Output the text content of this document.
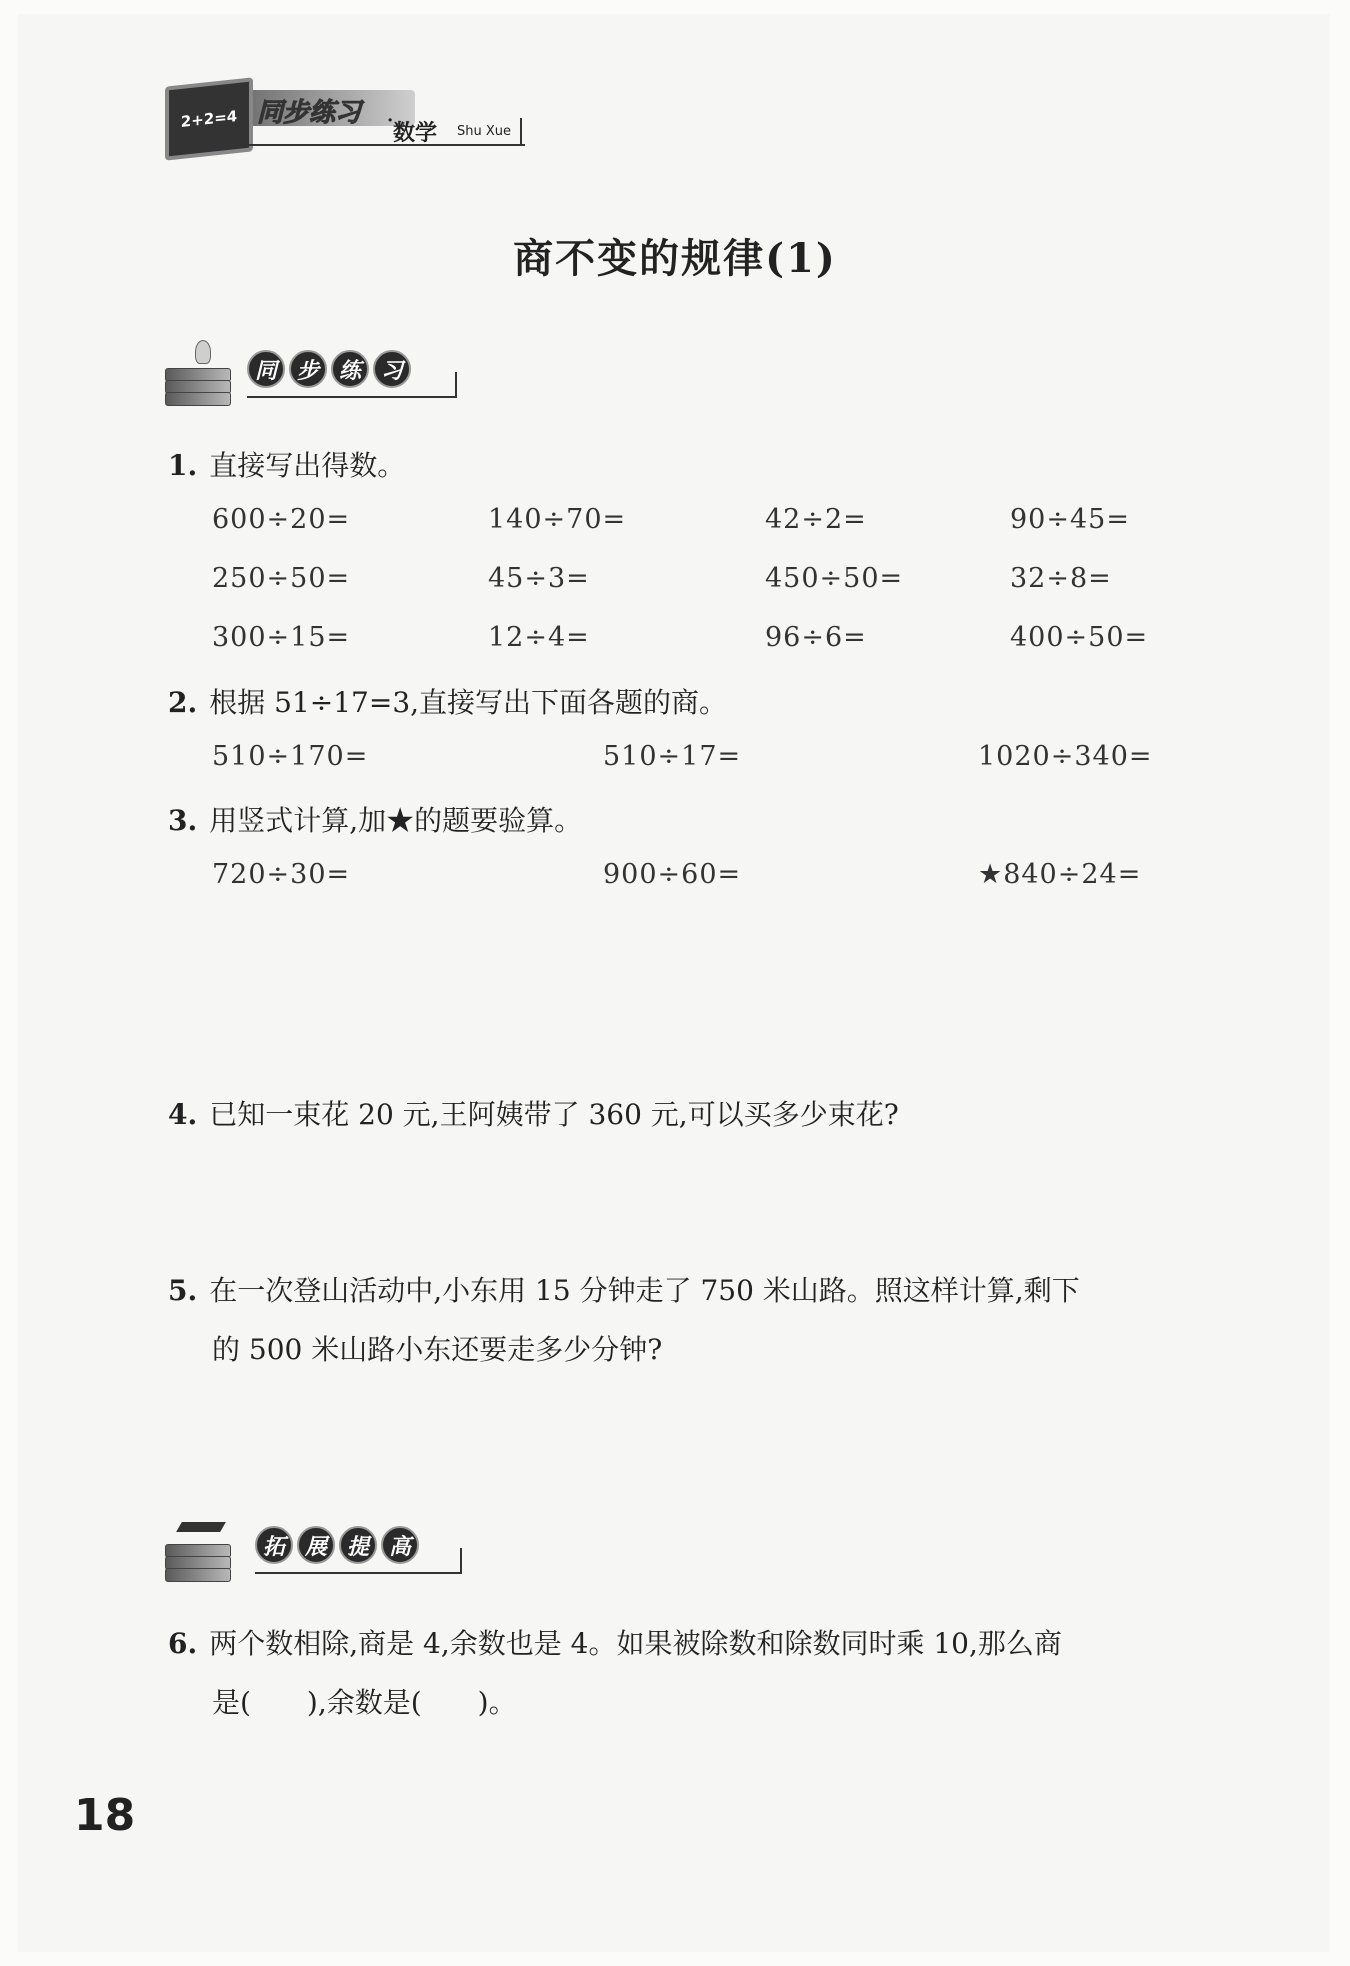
2+2=4 同步练习 ·
数学 Shu Xue
商不变的规律(1)
同 步 练 习
1. 直接写出得数。
600÷20=	140÷70=	42÷2=	90÷45=
250÷50=	45÷3=	450÷50=	32÷8=
300÷15=	12÷4=	96÷6=	400÷50=
2. 根据 51÷17=3,直接写出下面各题的商。
510÷170=	510÷17=	1020÷340=
3. 用竖式计算,加★的题要验算。
720÷30=	900÷60=	★840÷24=
4. 已知一束花 20 元,王阿姨带了 360 元,可以买多少束花?
5. 在一次登山活动中,小东用 15 分钟走了 750 米山路。照这样计算,剩下
的 500 米山路小东还要走多少分钟?
拓 展 提 高
6. 两个数相除,商是 4,余数也是 4。如果被除数和除数同时乘 10,那么商
是(　　),余数是(　　)。
18
